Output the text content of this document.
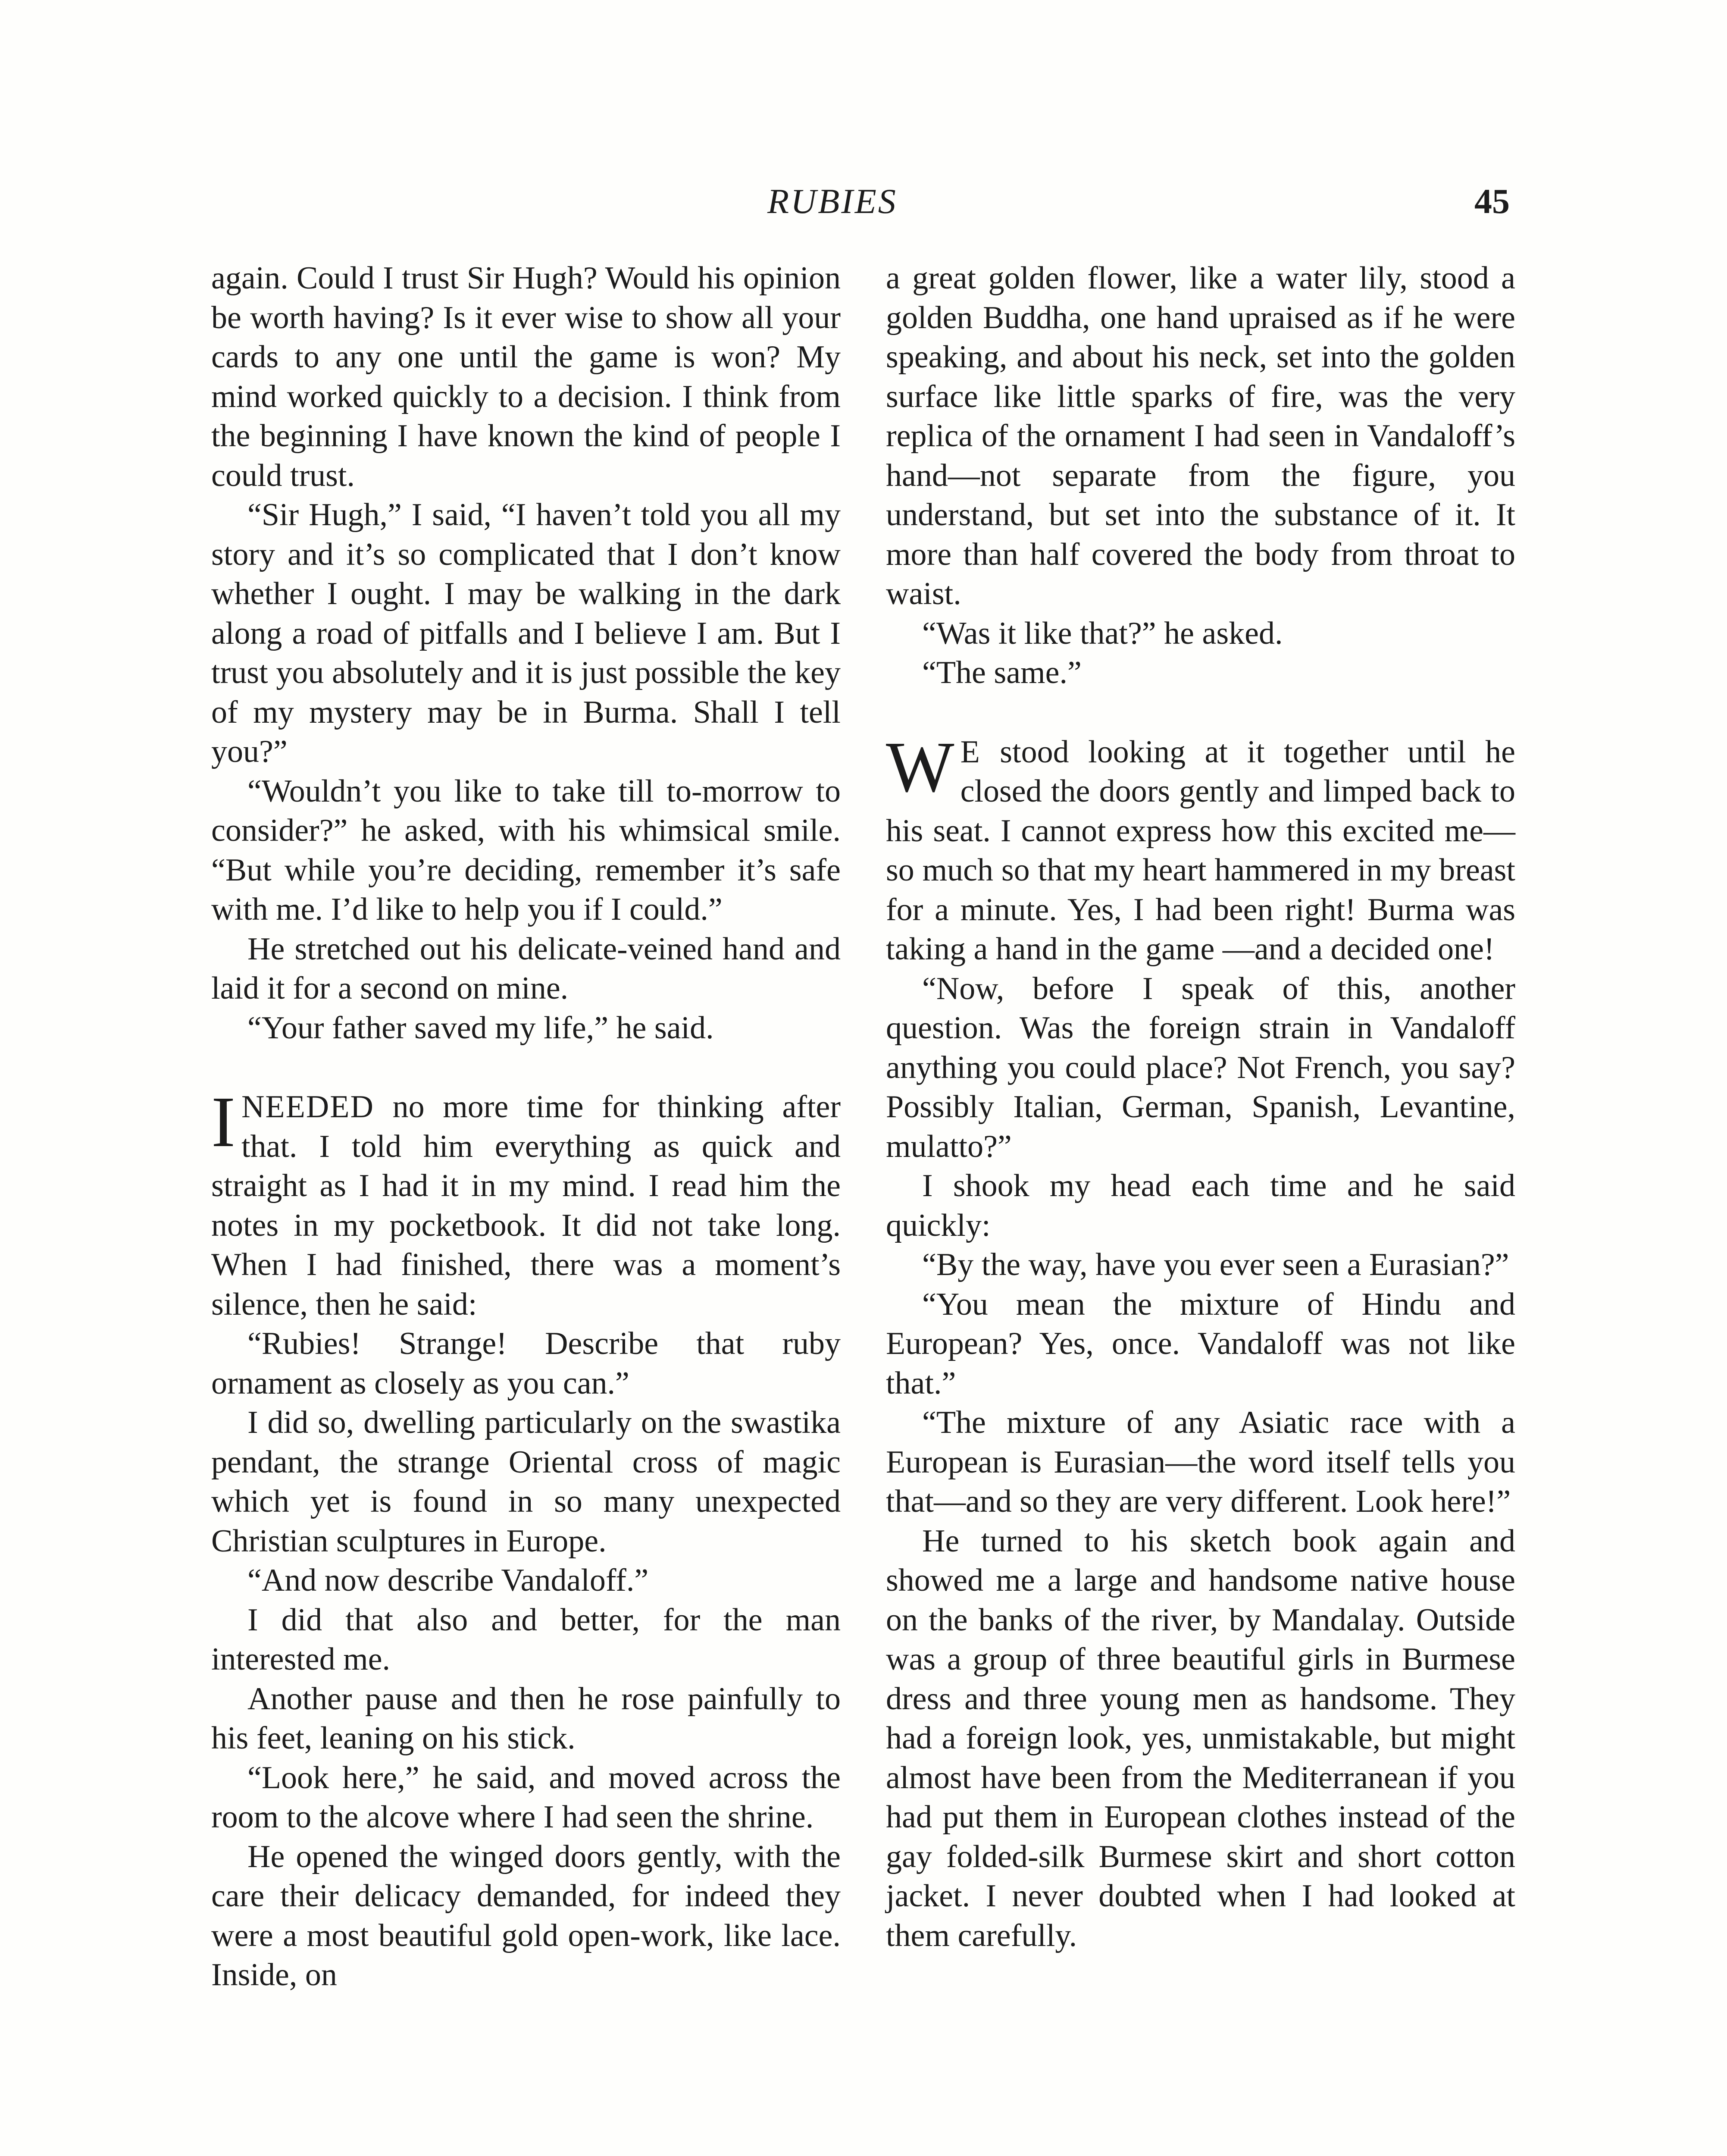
RUBIES	45

again. Could I trust Sir Hugh? Would his opinion be worth having? Is it ever wise to show all your cards to any one until the game is won? My mind worked quickly to a decision. I think from the beginning I have known the kind of people I could trust.

“Sir Hugh,” I said, “I haven’t told you all my story and it’s so complicated that I don’t know whether I ought. I may be walking in the dark along a road of pitfalls and I believe I am. But I trust you absolutely and it is just possible the key of my mystery may be in Burma. Shall I tell you?”

“Wouldn’t you like to take till to-morrow to consider?” he asked, with his whimsical smile. “But while you’re deciding, remember it’s safe with me. I’d like to help you if I could.”

He stretched out his delicate-veined hand and laid it for a second on mine.

“Your father saved my life,” he said.

INEEDED no more time for thinking after that. I told him everything as quick and straight as I had it in my mind. I read him the notes in my pocketbook. It did not take long. When I had finished, there was a moment’s silence, then he said:

“Rubies! Strange! Describe that ruby ornament as closely as you can.”

I did so, dwelling particularly on the swastika pendant, the strange Oriental cross of magic which yet is found in so many unexpected Christian sculptures in Europe.

“And now describe Vandaloff.”

I did that also and better, for the man interested me.

Another pause and then he rose painfully to his feet, leaning on his stick.

“Look here,” he said, and moved across the room to the alcove where I had seen the shrine.

He opened the winged doors gently, with the care their delicacy demanded, for indeed they were a most beautiful gold open-work, like lace. Inside, on

a great golden flower, like a water lily, stood a golden Buddha, one hand upraised as if he were speaking, and about his neck, set into the golden surface like little sparks of fire, was the very replica of the ornament I had seen in Vandaloff’s hand—not separate from the figure, you understand, but set into the substance of it. It more than half covered the body from throat to waist.

“Was it like that?” he asked.

“The same.”

W E stood looking at it together until he closed the doors gently and limped back to his seat. I cannot express how this excited me—so much so that my heart hammered in my breast for a minute. Yes, I had been right! Burma was taking a hand in the game —and a decided one!

“Now, before I speak of this, another question. Was the foreign strain in Vandaloff anything you could place? Not French, you say? Possibly Italian, German, Spanish, Levantine, mulatto?”

I shook my head each time and he said quickly:

“By the way, have you ever seen a Eurasian?”

“You mean the mixture of Hindu and European? Yes, once. Vandaloff was not like that.”

“The mixture of any Asiatic race with a European is Eurasian—the word itself tells you that—and so they are very different. Look here!”

He turned to his sketch book again and showed me a large and handsome native house on the banks of the river, by Mandalay. Outside was a group of three beautiful girls in Burmese dress and three young men as handsome. They had a foreign look, yes, unmistakable, but might almost have been from the Mediterranean if you had put them in European clothes instead of the gay folded-silk Burmese skirt and short cotton jacket. I never doubted when I had looked at them carefully.
